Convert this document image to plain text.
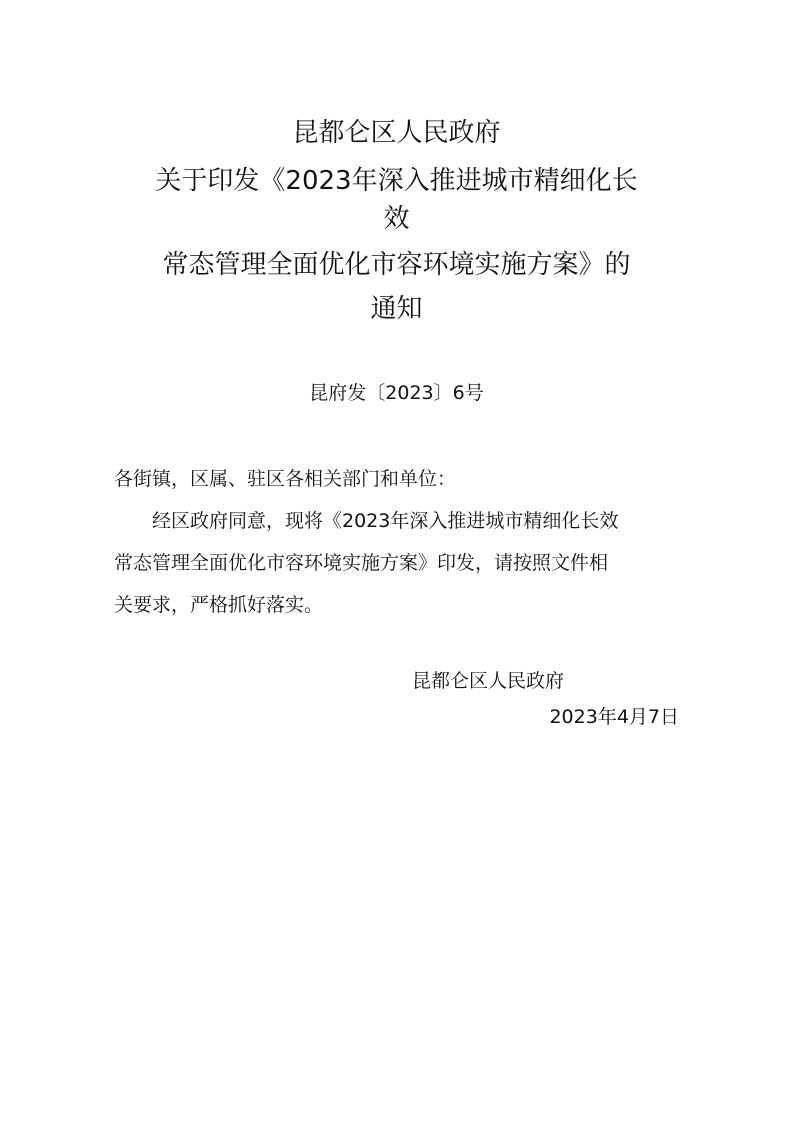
昆都仑区人民政府
关于印发《2023年深入推进城市精细化长
效
常态管理全面优化市容环境实施方案》的
通知
昆府发〔2023〕6号
各街镇，区属、驻区各相关部门和单位：
经区政府同意，现将《2023年深入推进城市精细化长效
常态管理全面优化市容环境实施方案》印发，请按照文件相
关要求，严格抓好落实。
昆都仑区人民政府
2023年4月7日
